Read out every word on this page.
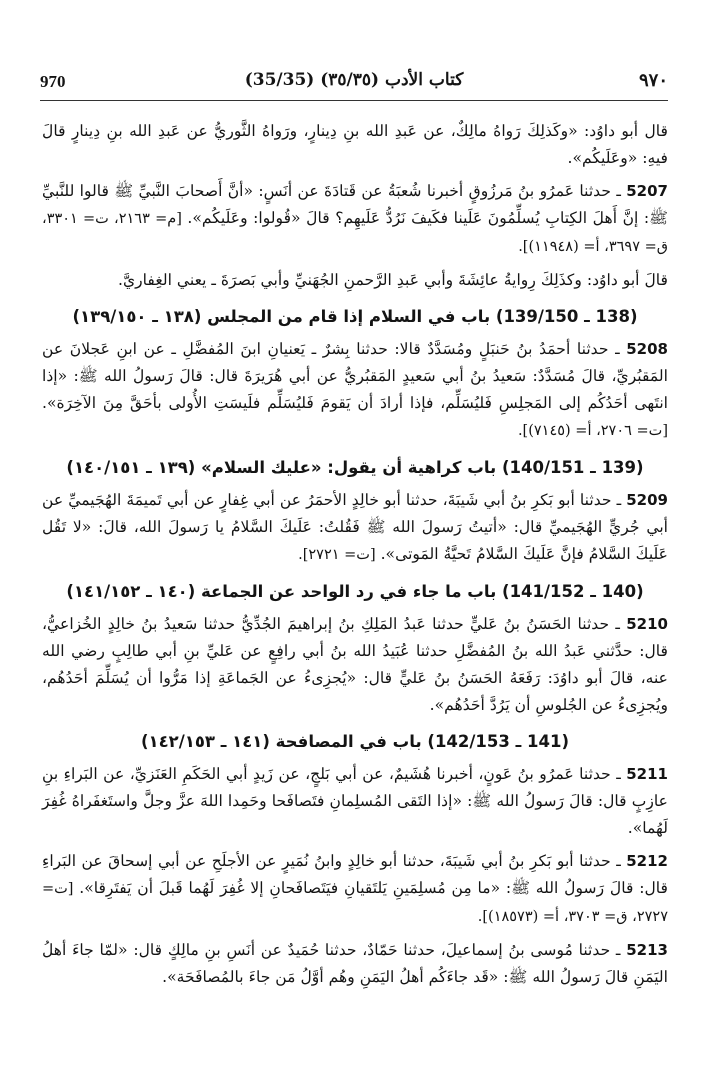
970	(35/35) كتاب الأدب (٣٥/٣٥)	٩٧٠

قال أبو داوُد: «وكَذلِكَ رَواهُ مالِكٌ، عن عَبدِ الله بنِ دِينارٍ، ورَواهُ الثَّوريُّ عن عَبدِ الله بنِ دِينارٍ قالَ فيهِ: «وعَلَيكُم».

5207 ـ حدثنا عَمرُو بنُ مَرزُوقٍ أخبرنا شُعبَةُ عن قَتادَةَ عن أنَسٍ: «أنَّ أَصحابَ النَّبيِّ ﷺ قالوا للنَّبيِّ ﷺ: إنَّ أَهلَ الكِتابِ يُسلِّمُونَ عَلَينا فكَيفَ نَرُدُّ عَلَيهِم؟ قالَ «قُولوا: وعَلَيكُم». [م= ٢١٦٣، ت= ٣٣٠١، ق= ٣٦٩٧، أ= (١١٩٤٨)].

قالَ أبو داوُد: وكذَلِكَ رِوايةُ عائِشَةَ وأبي عَبدِ الرَّحمنِ الجُهَنيِّ وأبي بَصرَةَ ـ يعني الغِفاريَّ.

(138 ـ 139/150) باب في السلام إذا قام من المجلس (١٣٨ ـ ١٣٩/١٥٠)

5208 ـ حدثنا أحمَدُ بنُ حَنبَلٍ ومُسَدَّدٌ قالا: حدثنا بِشرٌ ـ يَعنيانِ ابنَ المُفضَّلِ ـ عن ابنِ عَجلانَ عن المَقبُريِّ، قالَ مُسَدَّدٌ: سَعيدُ بنُ أبي سَعيدٍ المَقبُريُّ عن أبي هُرَيرَةَ قال: قالَ رَسولُ الله ﷺ: «إذا انتَهى أحَدُكُم إلى المَجلِسِ فَليُسَلِّم، فإذا أرادَ أن يَقومَ فَليُسَلِّم فلَيسَتِ الأُولى بأحَقَّ مِنَ الآخِرَة». [ت= ٢٧٠٦، أ= (٧١٤٥)].

(139 ـ 140/151) باب كراهية أن يقول: «عليك السلام» (١٣٩ ـ ١٤٠/١٥١)

5209 ـ حدثنا أبو بَكرِ بنُ أبي شَيبَةَ، حدثنا أبو خالِدٍ الأحمَرُ عن أبي غِفارٍ عن أبي تَميمَةَ الهُجَيميِّ عن أبي جُريٍّ الهُجَيميِّ قال: «أتيتُ رَسولَ الله ﷺ فَقُلتُ: عَلَيكَ السَّلامُ يا رَسولَ الله، قالَ: «لا تَقُل عَلَيكَ السَّلامُ فإنَّ عَلَيكَ السَّلامُ تَحيَّةُ المَوتى». [ت= ٢٧٢١].

(140 ـ 141/152) باب ما جاء في رد الواحد عن الجماعة (١٤٠ ـ ١٤١/١٥٢)

5210 ـ حدثنا الحَسَنُ بنُ عَليٍّ حدثنا عَبدُ المَلِكِ بنُ إبراهيمَ الجُدِّيُّ حدثنا سَعيدُ بنُ خالِدٍ الخُزاعيُّ، قال: حدَّثني عَبدُ الله بنُ المُفضَّلِ حدثنا عُبَيدُ الله بنُ أبي رافِعٍ عن عَليِّ بنِ أبي طالِبٍ رضي الله عنه، قالَ أبو داوُدَ: رَفَعَهُ الحَسَنُ بنُ عَليٍّ قال: «يُجزِىءُ عن الجَماعَةِ إذا مَرُّوا أن يُسَلِّمَ أحَدُهُم، ويُجزِىءُ عن الجُلوسِ أن يَرُدَّ أحَدُهُم».

(141 ـ 142/153) باب في المصافحة (١٤١ ـ ١٤٢/١٥٣)

5211 ـ حدثنا عَمرُو بنُ عَونٍ، أخبرنا هُشَيمٌ، عن أبي بَلجٍ، عن زَيدٍ أبي الحَكَمِ العَنَزيِّ، عن البَراءِ بنِ عازِبٍ قال: قالَ رَسولُ الله ﷺ: «إذا التَقى المُسلِمانِ فتَصافَحا وحَمِدا اللهَ عزَّ وجلَّ واستَغفَراهُ غُفِرَ لَهُما».

5212 ـ حدثنا أبو بَكرِ بنُ أبي شَيبَةَ، حدثنا أبو خالِدٍ وابنُ نُمَيرٍ عن الأجلَحِ عن أبي إسحاقَ عن البَراءِ قال: قالَ رَسولُ الله ﷺ: «ما مِن مُسلِمَينِ يَلتَقيانِ فيَتَصافَحانِ إلا غُفِرَ لَهُما قَبلَ أن يَفتَرِقا». [ت= ٢٧٢٧، ق= ٣٧٠٣، أ= (١٨٥٧٣)].

5213 ـ حدثنا مُوسى بنُ إسماعيلَ، حدثنا حَمّادٌ، حدثنا حُمَيدٌ عن أنَسِ بنِ مالِكٍ قال: «لمّا جاءَ أهلُ اليَمَنِ قالَ رَسولُ الله ﷺ: «قَد جاءَكُم أهلُ اليَمَنِ وهُم أوَّلُ مَن جاءَ بالمُصافَحَة».
